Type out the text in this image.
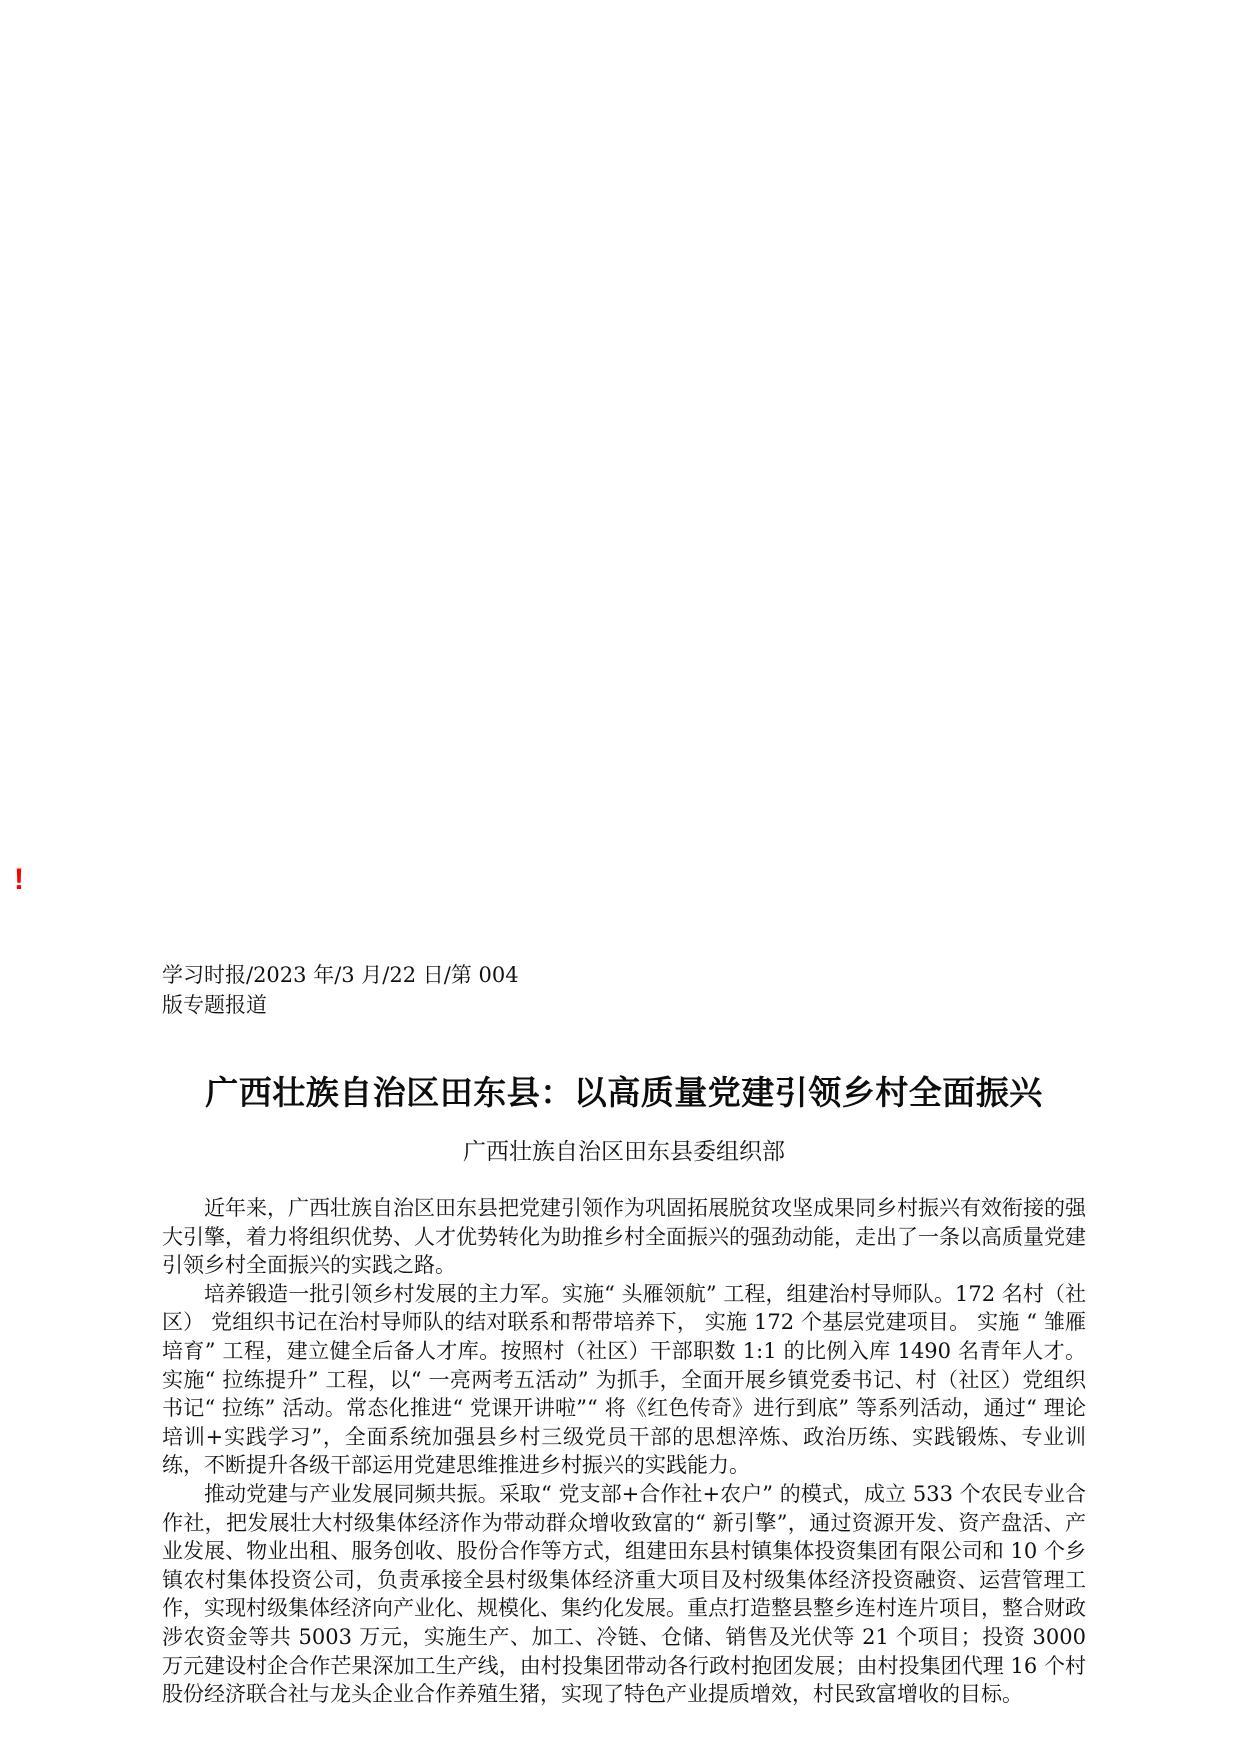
!
学习时报/2023 年/3 月/22 日/第 004
版专题报道
广西壮族自治区田东县：以高质量党建引领乡村全面振兴
广西壮族自治区田东县委组织部

近年来，广西壮族自治区田东县把党建引领作为巩固拓展脱贫攻坚成果同乡村振兴有效衔接的强大引擎，着力将组织优势、人才优势转化为助推乡村全面振兴的强劲动能，走出了一条以高质量党建引领乡村全面振兴的实践之路。

培养锻造一批引领乡村发展的主力军。实施“ 头雁领航” 工程，组建治村导师队。172 名村（社区） 党组织书记在治村导师队的结对联系和帮带培养下， 实施 172 个基层党建项目。 实施 “ 雏雁培育” 工程，建立健全后备人才库。按照村（社区）干部职数 1:1 的比例入库 1490 名青年人才。实施“ 拉练提升” 工程，以“ 一亮两考五活动” 为抓手，全面开展乡镇党委书记、村（社区）党组织书记“ 拉练” 活动。常态化推进“ 党课开讲啦”“ 将《红色传奇》进行到底” 等系列活动，通过“ 理论培训+实践学习”，全面系统加强县乡村三级党员干部的思想淬炼、政治历练、实践锻炼、专业训练，不断提升各级干部运用党建思维推进乡村振兴的实践能力。

推动党建与产业发展同频共振。采取“ 党支部+合作社+农户” 的模式，成立 533 个农民专业合作社，把发展壮大村级集体经济作为带动群众增收致富的“ 新引擎”，通过资源开发、资产盘活、产业发展、物业出租、服务创收、股份合作等方式，组建田东县村镇集体投资集团有限公司和 10 个乡镇农村集体投资公司，负责承接全县村级集体经济重大项目及村级集体经济投资融资、运营管理工作，实现村级集体经济向产业化、规模化、集约化发展。重点打造整县整乡连村连片项目，整合财政涉农资金等共 5003 万元，实施生产、加工、冷链、仓储、销售及光伏等 21 个项目；投资 3000 万元建设村企合作芒果深加工生产线，由村投集团带动各行政村抱团发展；由村投集团代理 16 个村股份经济联合社与龙头企业合作养殖生猪，实现了特色产业提质增效，村民致富增收的目标。
